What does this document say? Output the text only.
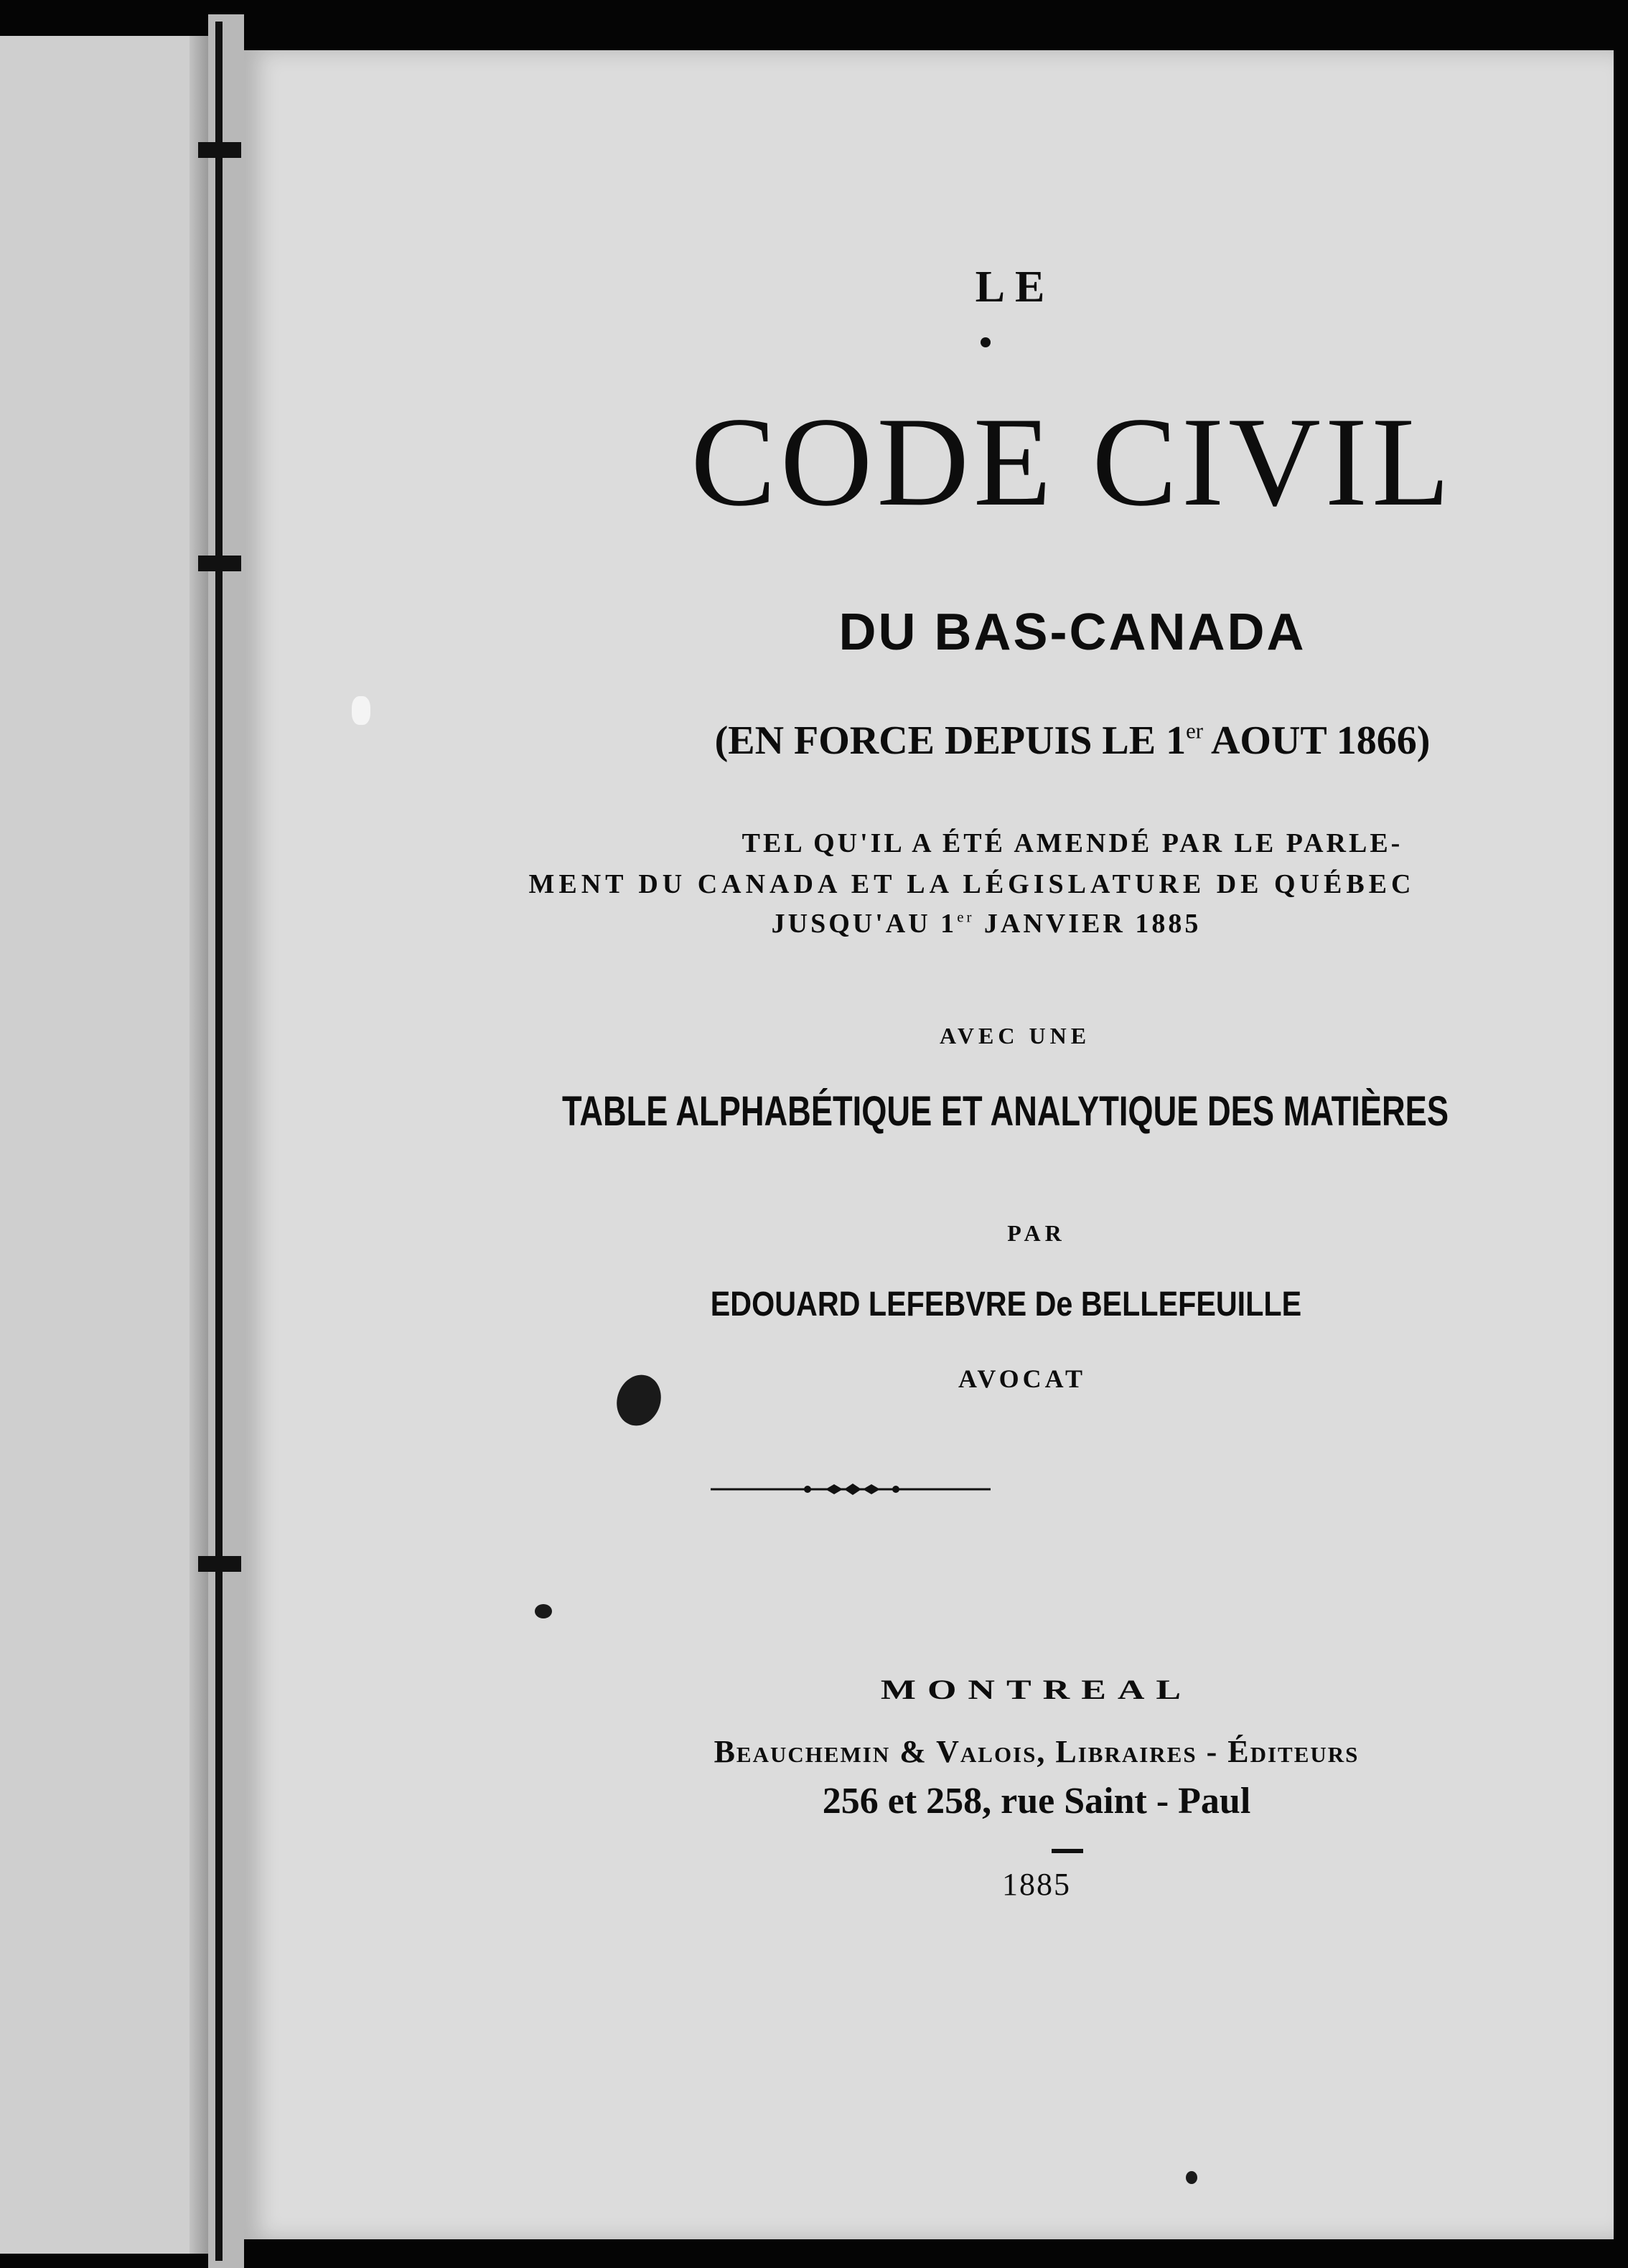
LE
CODE CIVIL
DU BAS-CANADA
(EN FORCE DEPUIS LE 1er AOUT 1866)
TEL QU'IL A ÉTÉ AMENDÉ PAR LE PARLE-
MENT DU CANADA ET LA LÉGISLATURE DE QUÉBEC
JUSQU'AU 1er JANVIER 1885
AVEC UNE
TABLE ALPHABÉTIQUE ET ANALYTIQUE DES MATIÈRES
PAR
EDOUARD LEFEBVRE De BELLEFEUILLE
AVOCAT
MONTREAL
Beauchemin & Valois, Libraires - Éditeurs
256 et 258, rue Saint - Paul
1885
